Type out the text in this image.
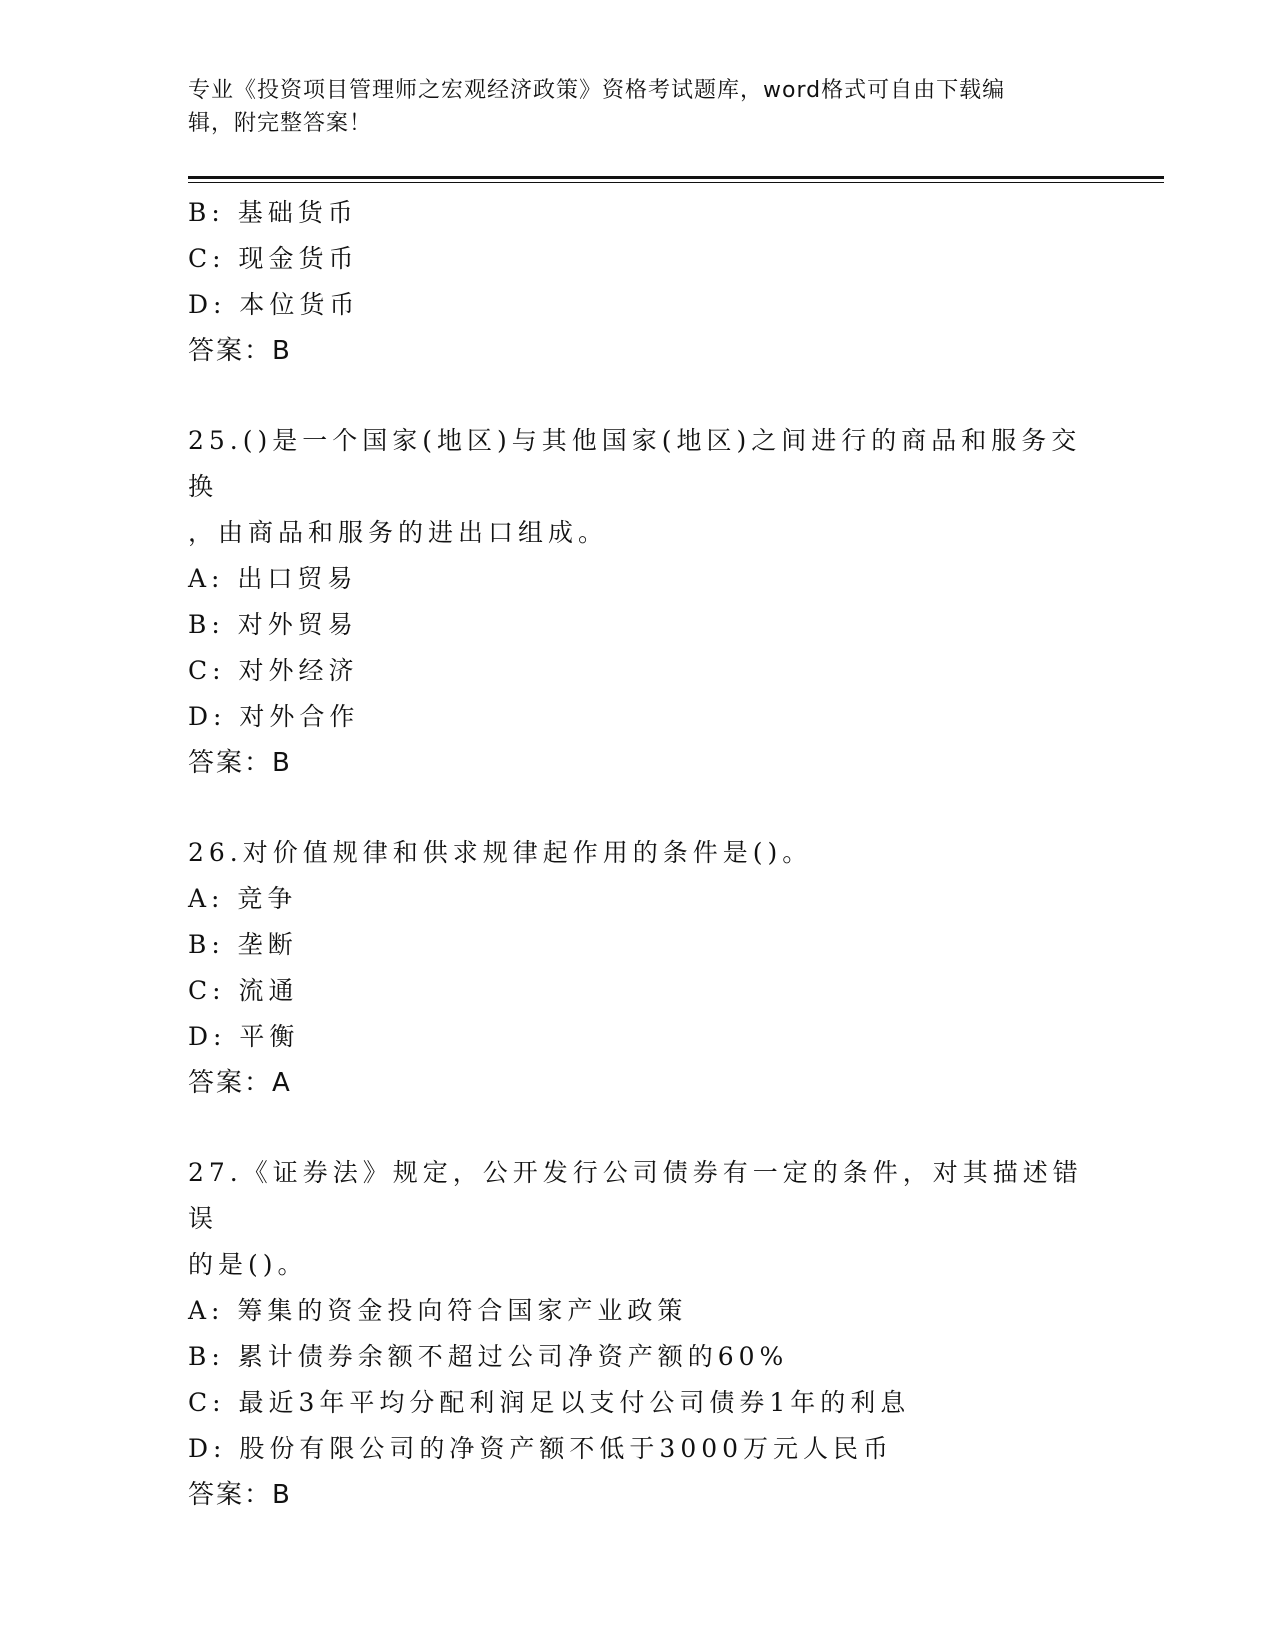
专业《投资项目管理师之宏观经济政策》资格考试题库，word格式可自由下载编
辑，附完整答案！
B: 基础货币
C: 现金货币
D: 本位货币
答案：B
25.()是一个国家(地区)与其他国家(地区)之间进行的商品和服务交换
，由商品和服务的进出口组成。
A: 出口贸易
B: 对外贸易
C: 对外经济
D: 对外合作
答案：B
26.对价值规律和供求规律起作用的条件是()。
A: 竞争
B: 垄断
C: 流通
D: 平衡
答案：A
27.《证券法》规定，公开发行公司债券有一定的条件，对其描述错误
的是()。
A: 筹集的资金投向符合国家产业政策
B: 累计债券余额不超过公司净资产额的60%
C: 最近3年平均分配利润足以支付公司债券1年的利息
D: 股份有限公司的净资产额不低于3000万元人民币
答案：B
